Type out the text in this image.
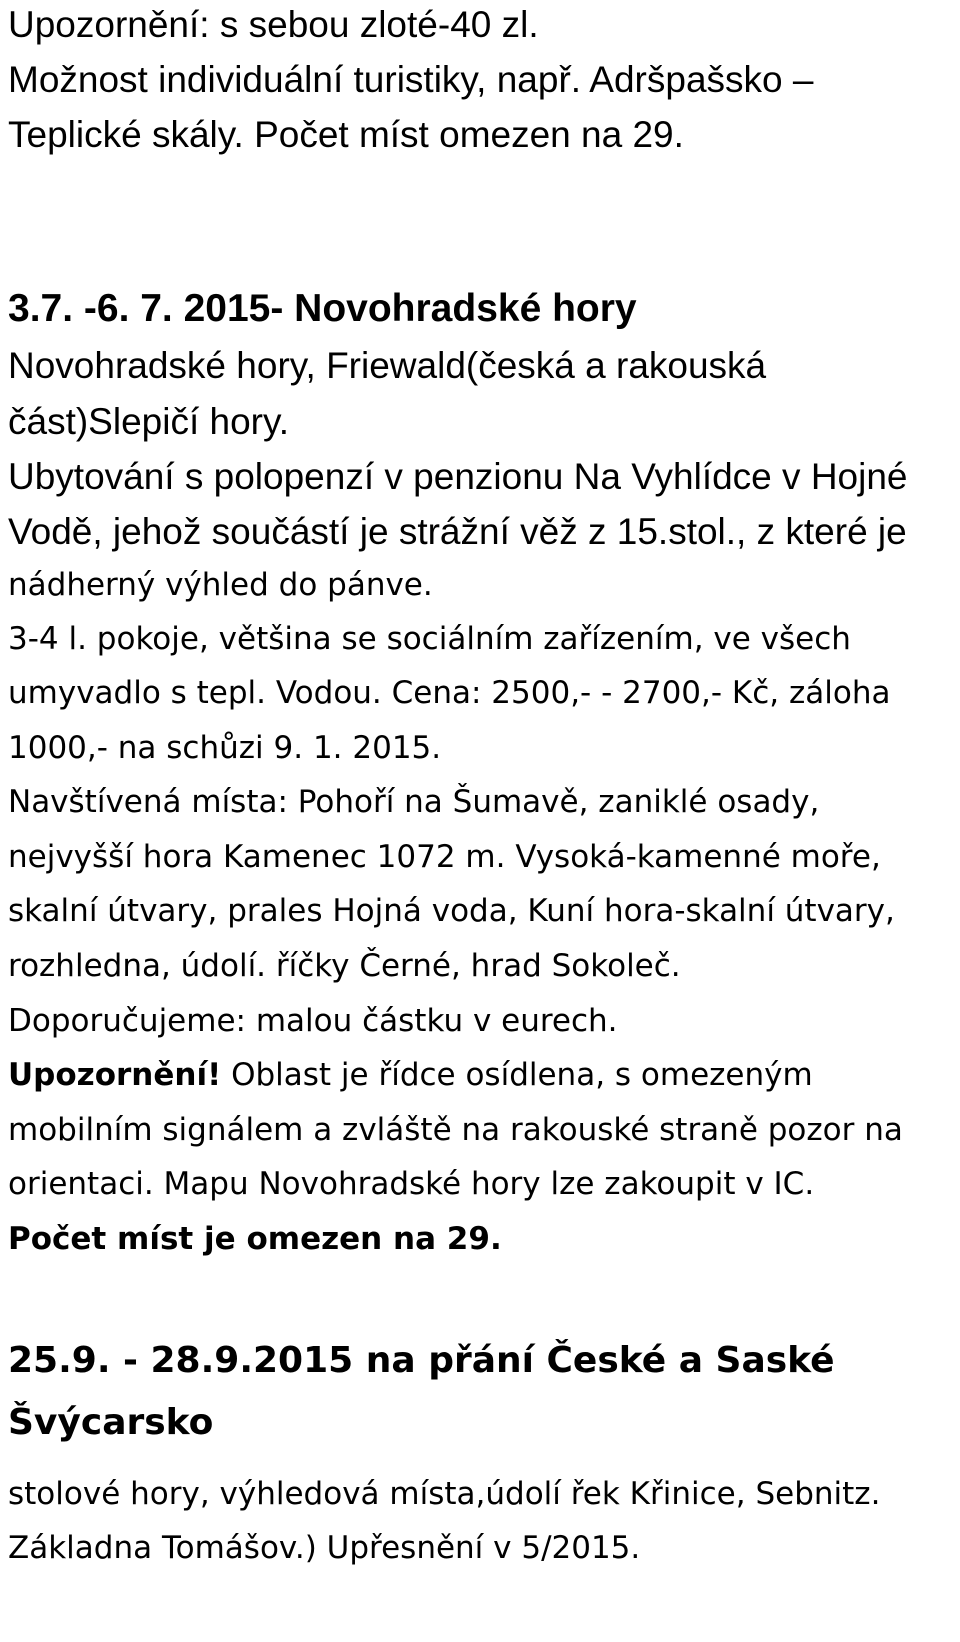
Upozornění: s sebou zloté-40 zl.
Možnost individuální turistiky, např. Adršpašsko –
Teplické skály. Počet míst omezen na 29.
3.7. -6. 7. 2015- Novohradské hory
Novohradské hory, Friewald(česká a rakouská
část)Slepičí hory.
Ubytování s polopenzí v penzionu Na Vyhlídce v Hojné
Vodě, jehož součástí je strážní věž z 15.stol., z které je
nádherný výhled do pánve.
3-4 l. pokoje, většina se sociálním zařízením, ve všech
umyvadlo s tepl. Vodou. Cena: 2500,- - 2700,- Kč, záloha
1000,- na schůzi 9. 1. 2015.
Navštívená místa: Pohoří na Šumavě, zaniklé osady,
nejvyšší hora Kamenec 1072 m. Vysoká-kamenné moře,
skalní útvary, prales Hojná voda, Kuní hora-skalní útvary,
rozhledna, údolí. říčky Černé, hrad Sokoleč.
Doporučujeme: malou částku v eurech.
Upozornění! Oblast je řídce osídlena, s omezeným
mobilním signálem a zvláště na rakouské straně pozor na
orientaci. Mapu Novohradské hory lze zakoupit v IC.
Počet míst je omezen na 29.
25.9. - 28.9.2015 na přání České a Saské
Švýcarsko
stolové hory, výhledová místa,údolí řek Křinice, Sebnitz.
Základna Tomášov.) Upřesnění v 5/2015.
